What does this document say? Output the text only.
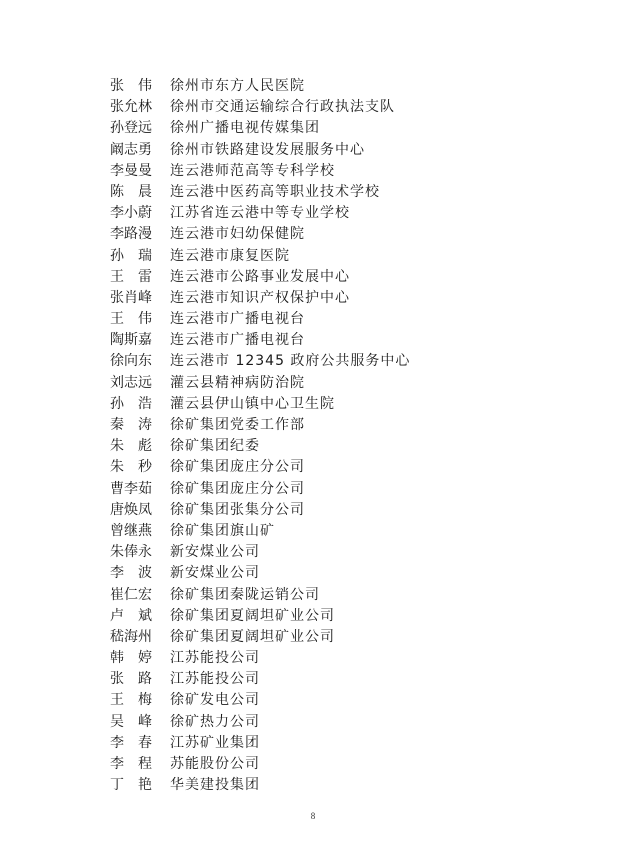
张　伟	徐州市东方人民医院
张允林	徐州市交通运输综合行政执法支队
孙登远	徐州广播电视传媒集团
阚志勇	徐州市铁路建设发展服务中心
李曼曼	连云港师范高等专科学校
陈　晨	连云港中医药高等职业技术学校
李小蔚	江苏省连云港中等专业学校
李路漫	连云港市妇幼保健院
孙　瑞	连云港市康复医院
王　雷	连云港市公路事业发展中心
张肖峰	连云港市知识产权保护中心
王　伟	连云港市广播电视台
陶斯嘉	连云港市广播电视台
徐向东	连云港市 12345 政府公共服务中心
刘志远	灌云县精神病防治院
孙　浩	灌云县伊山镇中心卫生院
秦　涛	徐矿集团党委工作部
朱　彪	徐矿集团纪委
朱　秒	徐矿集团庞庄分公司
曹李茹	徐矿集团庞庄分公司
唐焕凤	徐矿集团张集分公司
曾继燕	徐矿集团旗山矿
朱俸永	新安煤业公司
李　波	新安煤业公司
崔仁宏	徐矿集团秦陇运销公司
卢　斌	徐矿集团夏阔坦矿业公司
嵇海州	徐矿集团夏阔坦矿业公司
韩　婷	江苏能投公司
张　路	江苏能投公司
王　梅	徐矿发电公司
吴　峰	徐矿热力公司
李　春	江苏矿业集团
李　程	苏能股份公司
丁　艳	华美建投集团
8
